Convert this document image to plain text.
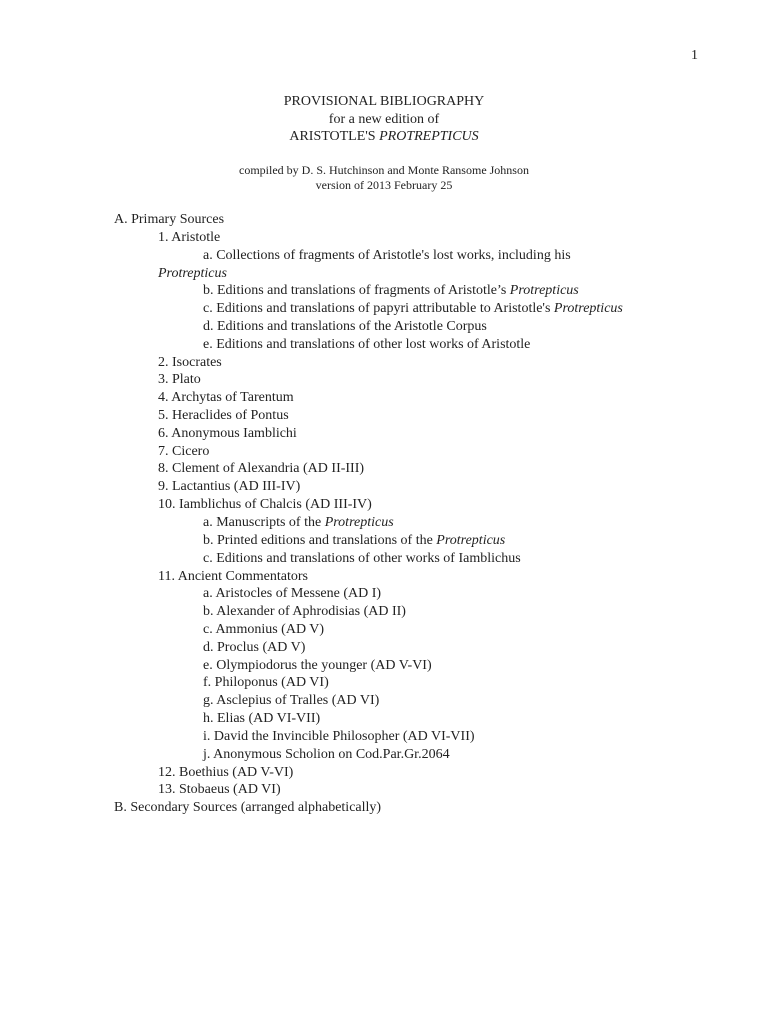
1
PROVISIONAL BIBLIOGRAPHY
for a new edition of
ARISTOTLE'S PROTREPTICUS
compiled by D. S. Hutchinson and Monte Ransome Johnson
version of 2013 February 25
A. Primary Sources
1. Aristotle
a. Collections of fragments of Aristotle's lost works, including his
Protrepticus
b. Editions and translations of fragments of Aristotle’s Protrepticus
c. Editions and translations of papyri attributable to Aristotle's Protrepticus
d. Editions and translations of the Aristotle Corpus
e. Editions and translations of other lost works of Aristotle
2. Isocrates
3. Plato
4. Archytas of Tarentum
5. Heraclides of Pontus
6. Anonymous Iamblichi
7. Cicero
8. Clement of Alexandria (AD II-III)
9. Lactantius (AD III-IV)
10. Iamblichus of Chalcis (AD III-IV)
a. Manuscripts of the Protrepticus
b. Printed editions and translations of the Protrepticus
c. Editions and translations of other works of Iamblichus
11. Ancient Commentators
a. Aristocles of Messene (AD I)
b. Alexander of Aphrodisias (AD II)
c. Ammonius (AD V)
d. Proclus (AD V)
e. Olympiodorus the younger (AD V-VI)
f. Philoponus (AD VI)
g. Asclepius of Tralles (AD VI)
h. Elias (AD VI-VII)
i. David the Invincible Philosopher (AD VI-VII)
j. Anonymous Scholion on Cod.Par.Gr.2064
12. Boethius (AD V-VI)
13. Stobaeus (AD VI)
B. Secondary Sources (arranged alphabetically)
